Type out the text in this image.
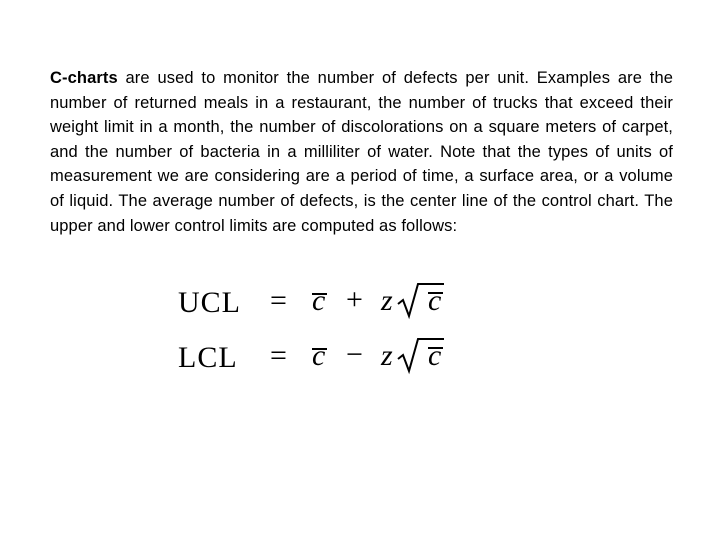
C-charts are used to monitor the number of defects per unit. Examples are the number of returned meals in a restaurant, the number of trucks that exceed their weight limit in a month, the number of discolorations on a square meters of carpet, and the number of bacteria in a milliliter of water. Note that the types of units of measurement we are considering are a period of time, a surface area, or a volume of liquid. The average number of defects, is the center line of the control chart. The upper and lower control limits are computed as follows:

UCL = c + z c
LCL = c − z c
